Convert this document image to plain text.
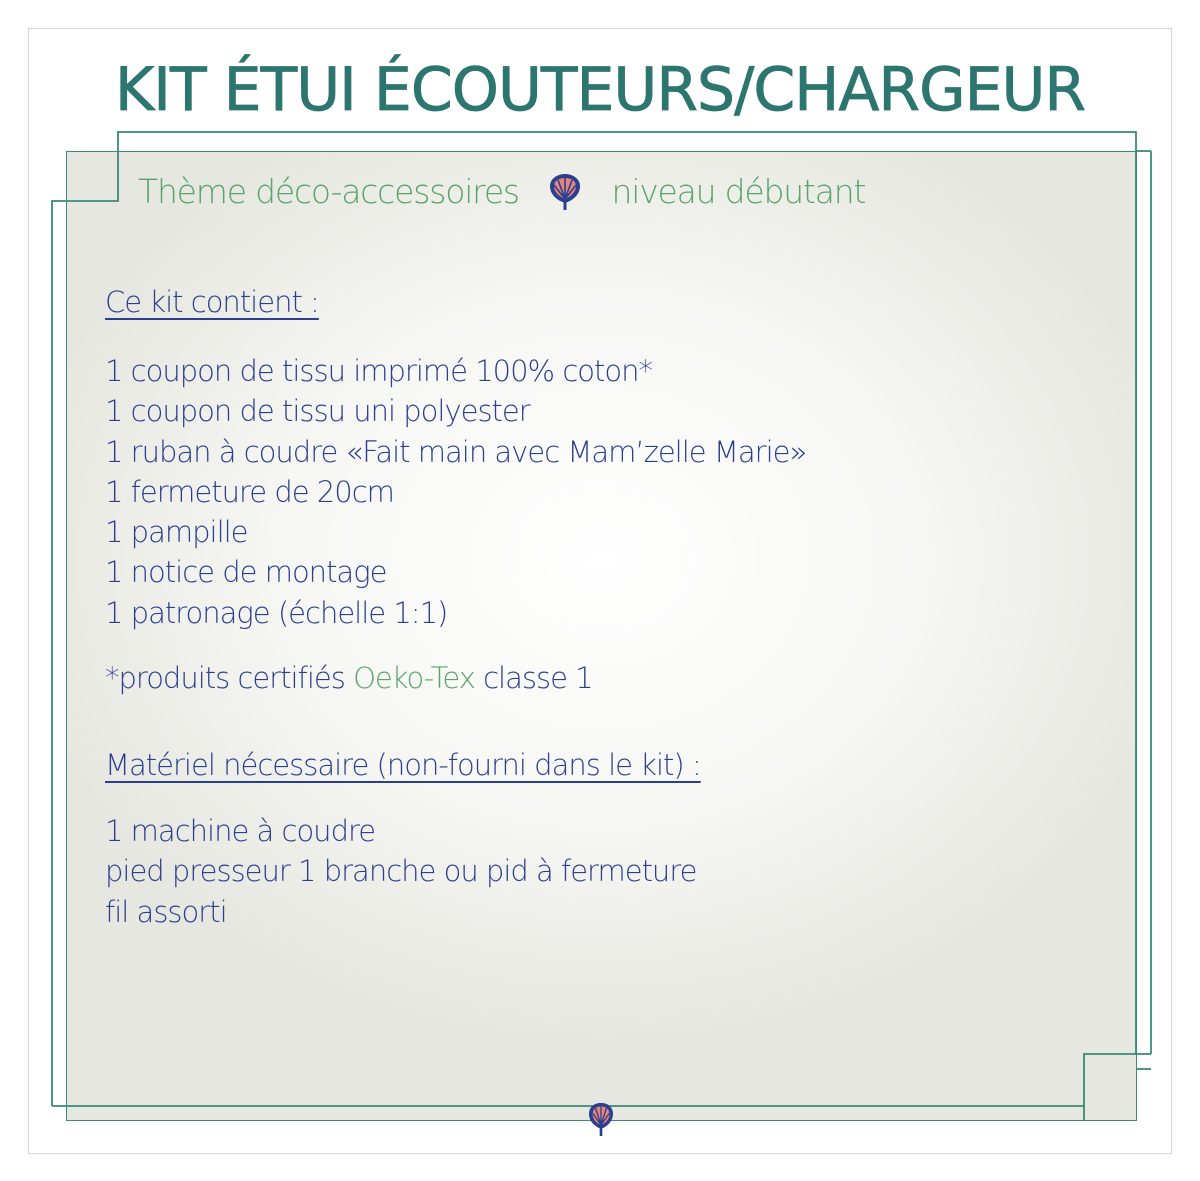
KIT ÉTUI ÉCOUTEURS/CHARGEUR
Thème déco-accessoires	niveau débutant

Ce kit contient :

1 coupon de tissu imprimé 100% coton*
1 coupon de tissu uni polyester
1 ruban à coudre «Fait main avec Mam’zelle Marie»
1 fermeture de 20cm
1 pampille
1 notice de montage
1 patronage (échelle 1:1)
*produits certifiés Oeko-Tex classe 1

Matériel nécessaire (non-fourni dans le kit) :

1 machine à coudre
pied presseur 1 branche ou pid à fermeture
fil assorti
